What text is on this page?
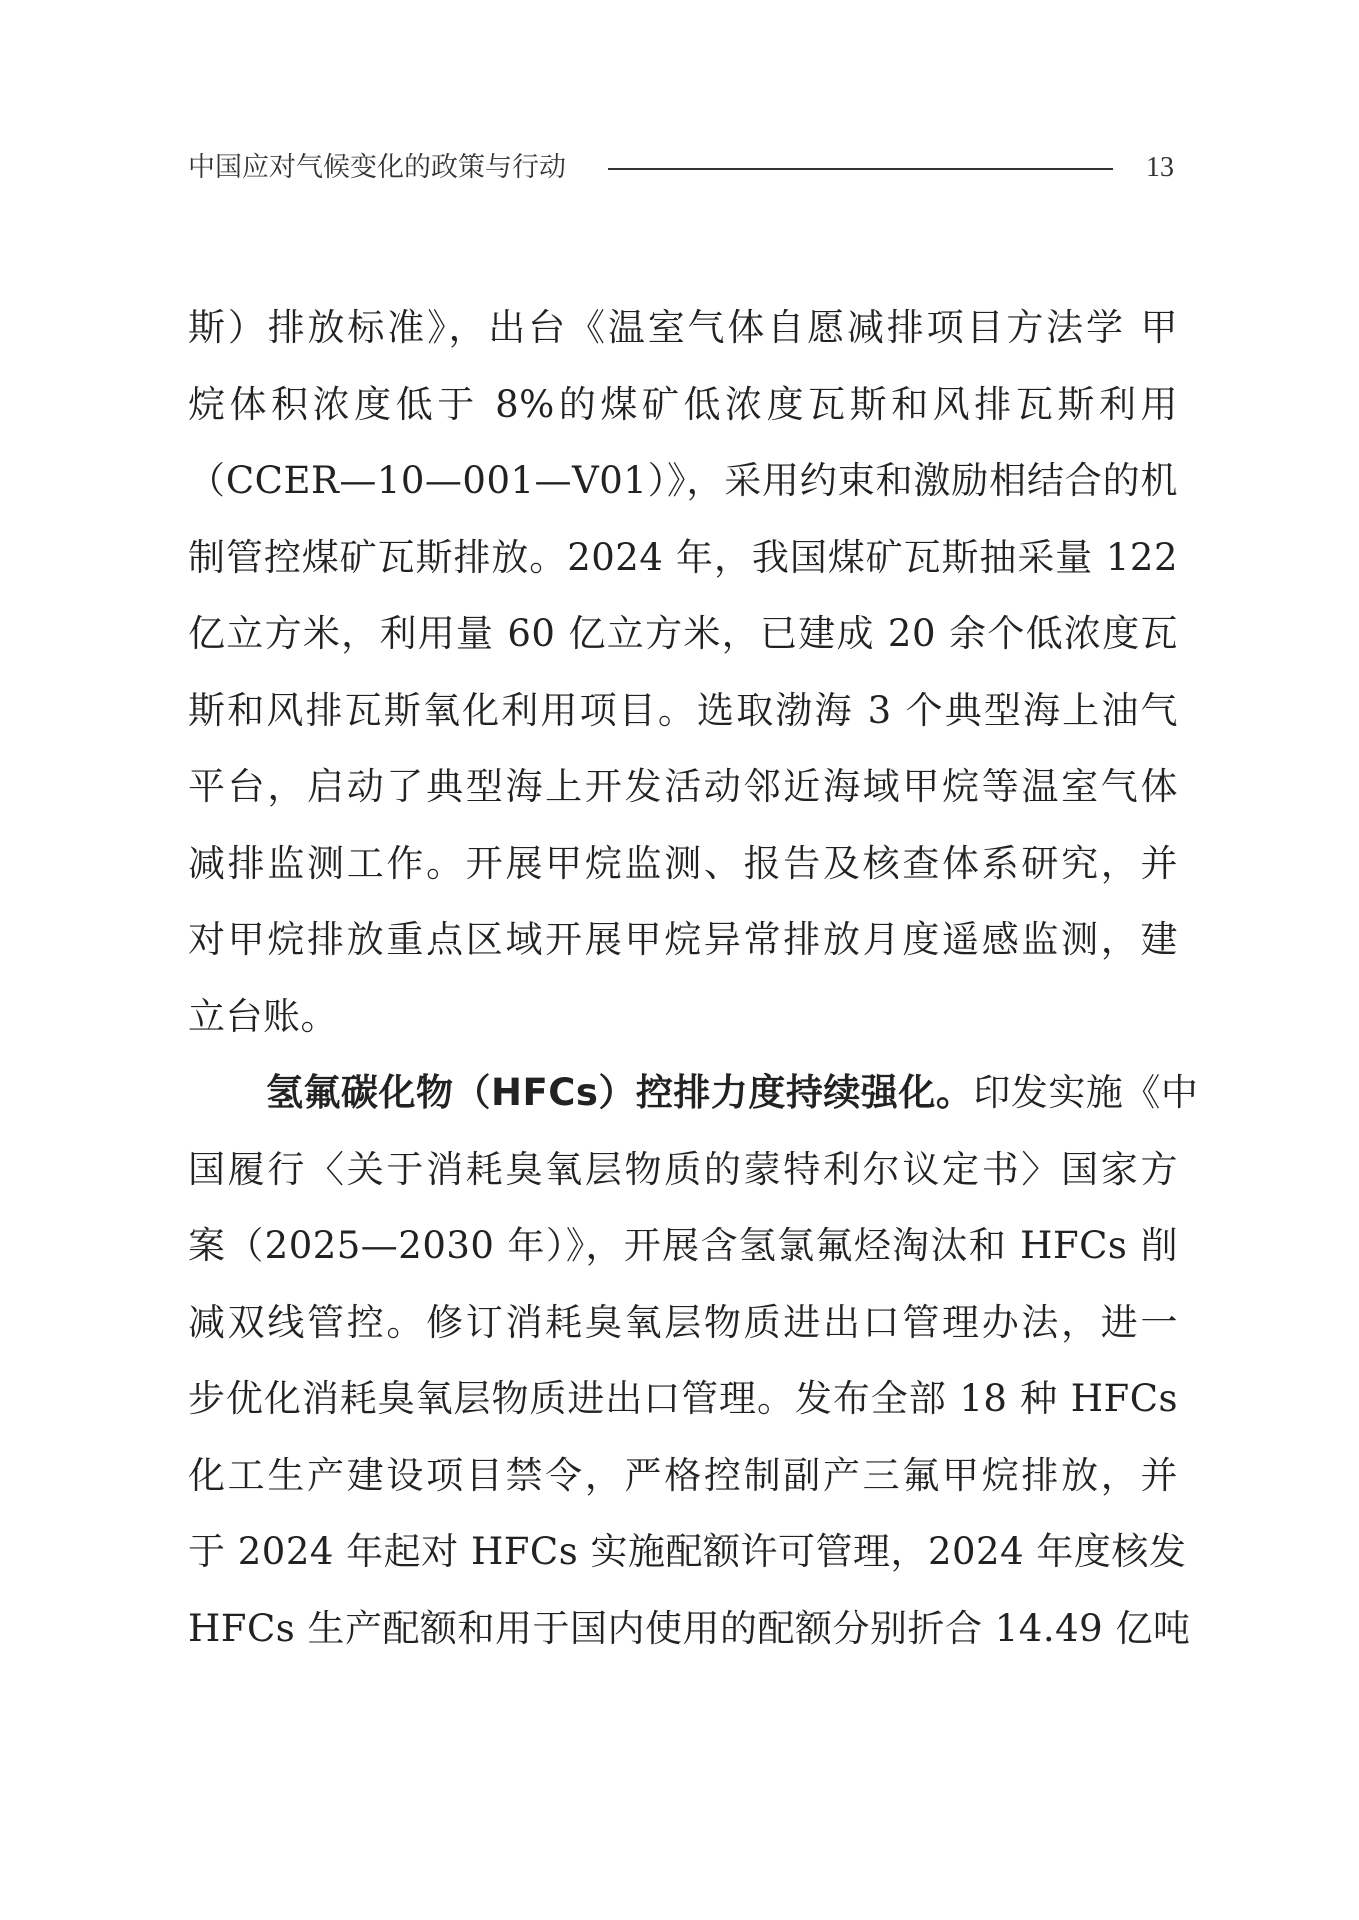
中国应对气候变化的政策与行动	13
斯）排放标准》，出台《温室气体自愿减排项目方法学 甲
烷体积浓度低于 8%的煤矿低浓度瓦斯和风排瓦斯利用
（CCER—10—001—V01）》，采用约束和激励相结合的机
制管控煤矿瓦斯排放。2024 年，我国煤矿瓦斯抽采量 122
亿立方米，利用量 60 亿立方米，已建成 20 余个低浓度瓦
斯和风排瓦斯氧化利用项目。选取渤海 3 个典型海上油气
平台，启动了典型海上开发活动邻近海域甲烷等温室气体
减排监测工作。开展甲烷监测、报告及核查体系研究，并
对甲烷排放重点区域开展甲烷异常排放月度遥感监测，建
立台账。
氢氟碳化物（HFCs）控排力度持续强化。印发实施《中
国履行〈关于消耗臭氧层物质的蒙特利尔议定书〉国家方
案（2025—2030 年）》，开展含氢氯氟烃淘汰和 HFCs 削
减双线管控。修订消耗臭氧层物质进出口管理办法，进一
步优化消耗臭氧层物质进出口管理。发布全部 18 种 HFCs
化工生产建设项目禁令，严格控制副产三氟甲烷排放，并
于 2024 年起对 HFCs 实施配额许可管理，2024 年度核发
HFCs 生产配额和用于国内使用的配额分别折合 14.49 亿吨
